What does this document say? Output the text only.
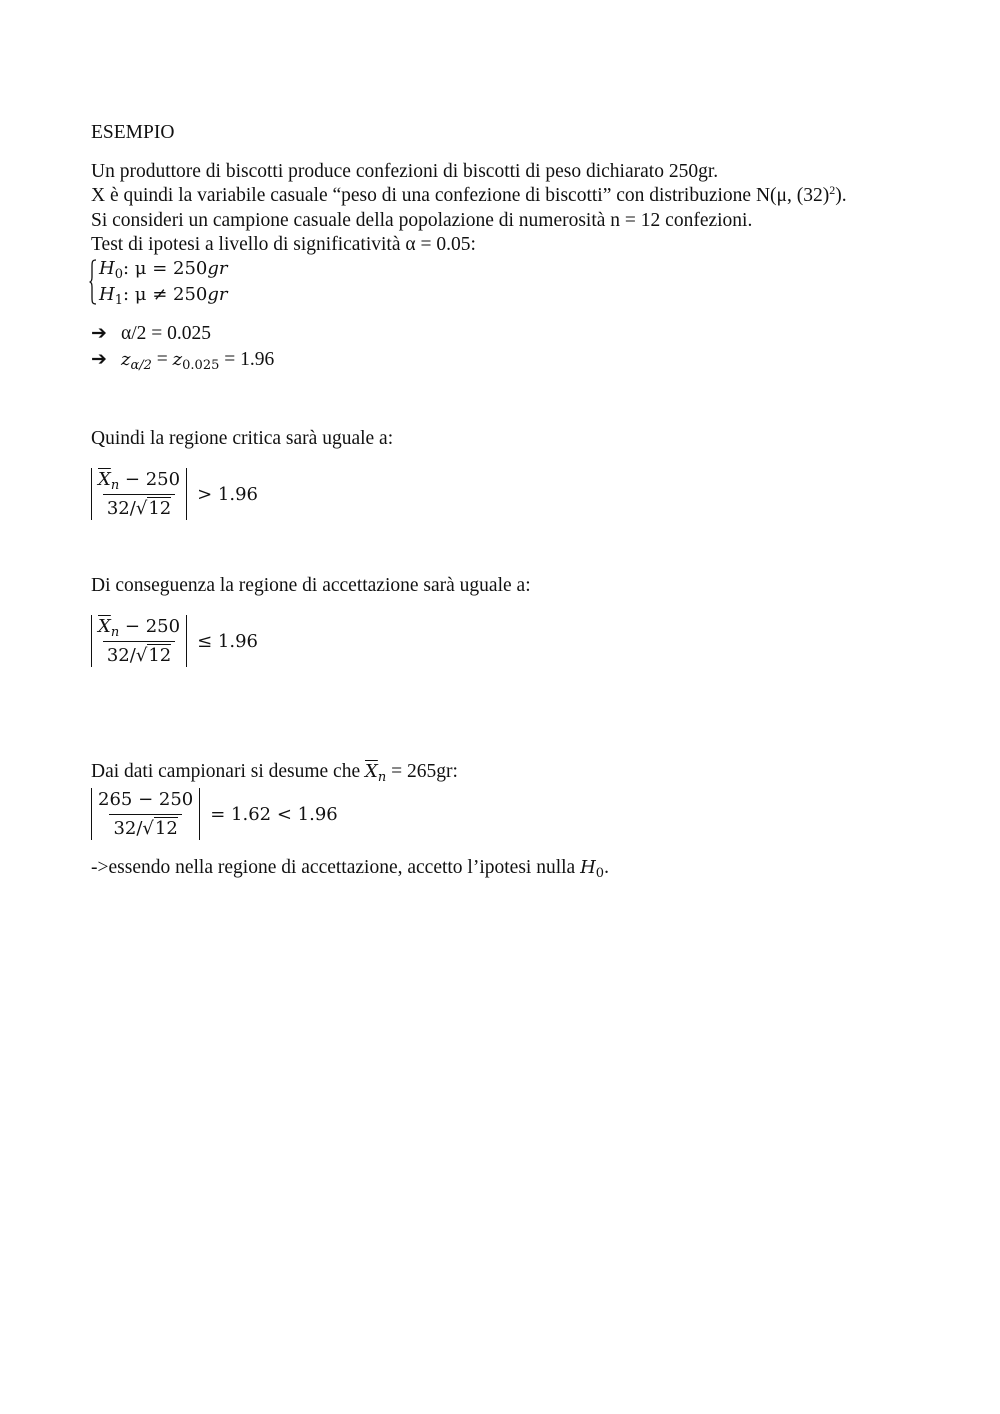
ESEMPIO
Un produttore di biscotti produce confezioni di biscotti di peso dichiarato 250gr.
X è quindi la variabile casuale “peso di una confezione di biscotti” con distribuzione N(μ, $(32)^2$).
Si consideri un campione casuale della popolazione di numerosità n = 12 confezioni.
Test di ipotesi a livello di significatività α = 0.05:
$H_0$: μ = 250gr
$H_1$: μ ≠ 250gr
➔ α/2 = 0.025
➔ $z_{\alpha/2} = z_{0.025} = 1.96$
Quindi la regione critica sarà uguale a:
$\frac{\overline{X}_n - 250}{32/√12} > 1.96$
Di conseguenza la regione di accettazione sarà uguale a:
$\frac{\overline{X}_n - 250}{32/√12} \le 1.96$
Dai dati campionari si desume che $\overline{X}_n = 265gr$:
$\frac{265 - 250}{32/√12} = 1.62 < 1.96$
->essendo nella regione di accettazione, accetto l’ipotesi nulla $H_0$.
